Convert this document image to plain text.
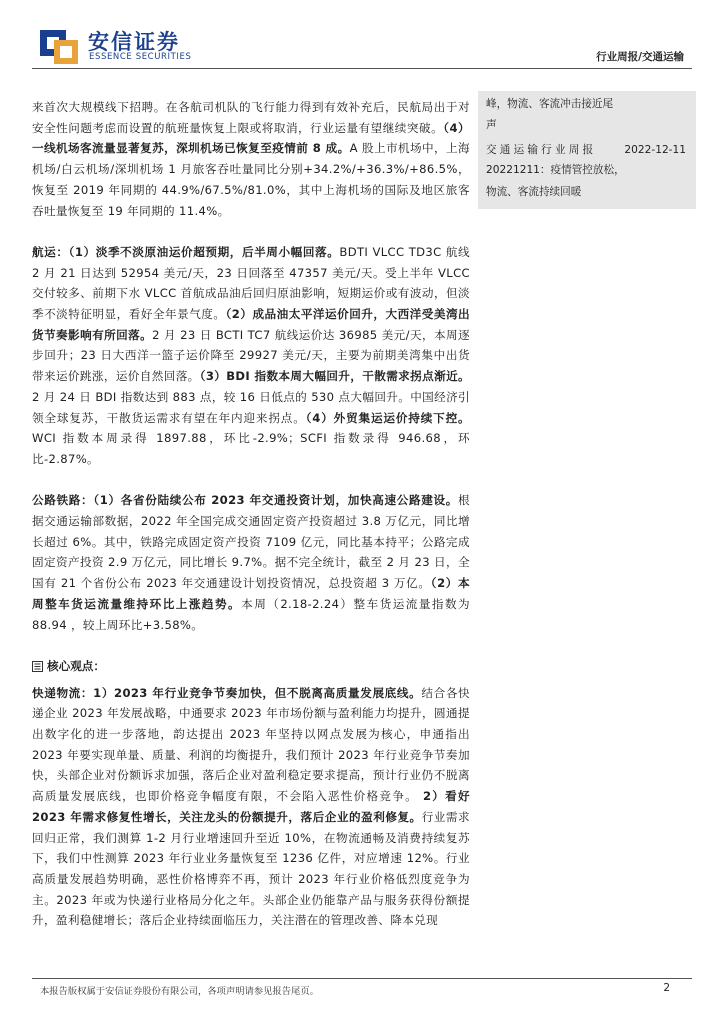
安信证券
ESSENCE SECURITIES	行业周报/交通运输
峰，物流、客流冲击接近尾
声
交通运输行业周报	2022-12-11
20221211：疫情管控放松，
物流、客流持续回暖

来首次大规模线下招聘。在各航司机队的飞行能力得到有效补充后，民航局出于对安全性问题考虑而设置的航班量恢复上限或将取消，行业运量有望继续突破。（4）一线机场客流量显著复苏，深圳机场已恢复至疫情前 8 成。A 股上市机场中，上海机场/白云机场/深圳机场 1 月旅客吞吐量同比分别+34.2%/+36.3%/+86.5%，恢复至 2019 年同期的 44.9%/67.5%/81.0%，其中上海机场的国际及地区旅客吞吐量恢复至 19 年同期的 11.4%。

航运：（1）淡季不淡原油运价超预期，后半周小幅回落。BDTI VLCC TD3C 航线 2 月 21 日达到 52954 美元/天，23 日回落至 47357 美元/天。受上半年 VLCC 交付较多、前期下水 VLCC 首航成品油后回归原油影响，短期运价或有波动，但淡季不淡特征明显，看好全年景气度。（2）成品油太平洋运价回升，大西洋受美湾出货节奏影响有所回落。2 月 23 日 BCTI TC7 航线运价达 36985 美元/天，本周逐步回升；23 日大西洋一篮子运价降至 29927 美元/天，主要为前期美湾集中出货带来运价跳涨，运价自然回落。（3）BDI 指数本周大幅回升，干散需求拐点渐近。2 月 24 日 BDI 指数达到 883 点，较 16 日低点的 530 点大幅回升。中国经济引领全球复苏，干散货运需求有望在年内迎来拐点。（4）外贸集运运价持续下控。WCI 指数本周录得 1897.88，环比-2.9%；SCFI 指数录得 946.68，环比-2.87%。

公路铁路：（1）各省份陆续公布 2023 年交通投资计划，加快高速公路建设。根据交通运输部数据，2022 年全国完成交通固定资产投资超过 3.8 万亿元，同比增长超过 6%。其中，铁路完成固定资产投资 7109 亿元，同比基本持平；公路完成固定资产投资 2.9 万亿元，同比增长 9.7%。据不完全统计，截至 2 月 23 日，全国有 21 个省份公布 2023 年交通建设计划投资情况，总投资超 3 万亿。（2）本周整车货运流量维持环比上涨趋势。本周（2.18-2.24）整车货运流量指数为 88.94 ，较上周环比+3.58%。

核心观点：

快递物流：1）2023 年行业竞争节奏加快，但不脱离高质量发展底线。结合各快递企业 2023 年发展战略，中通要求 2023 年市场份额与盈利能力均提升，圆通提出数字化的进一步落地，韵达提出 2023 年坚持以网点发展为核心，申通指出 2023 年要实现单量、质量、利润的均衡提升，我们预计 2023 年行业竞争节奏加快，头部企业对份额诉求加强，落后企业对盈利稳定要求提高，预计行业仍不脱离高质量发展底线，也即价格竞争幅度有限，不会陷入恶性价格竞争。 2）看好 2023 年需求修复性增长，关注龙头的份额提升，落后企业的盈利修复。行业需求回归正常，我们测算 1-2 月行业增速回升至近 10%，在物流通畅及消费持续复苏下，我们中性测算 2023 年行业业务量恢复至 1236 亿件，对应增速 12%。行业高质量发展趋势明确，恶性价格博弈不再，预计 2023 年行业价格低烈度竞争为主。2023 年或为快递行业格局分化之年。头部企业仍能靠产品与服务获得份额提升，盈利稳健增长；落后企业持续面临压力，关注潜在的管理改善、降本兑现

本报告版权属于安信证券股份有限公司，各项声明请参见报告尾页。	2
